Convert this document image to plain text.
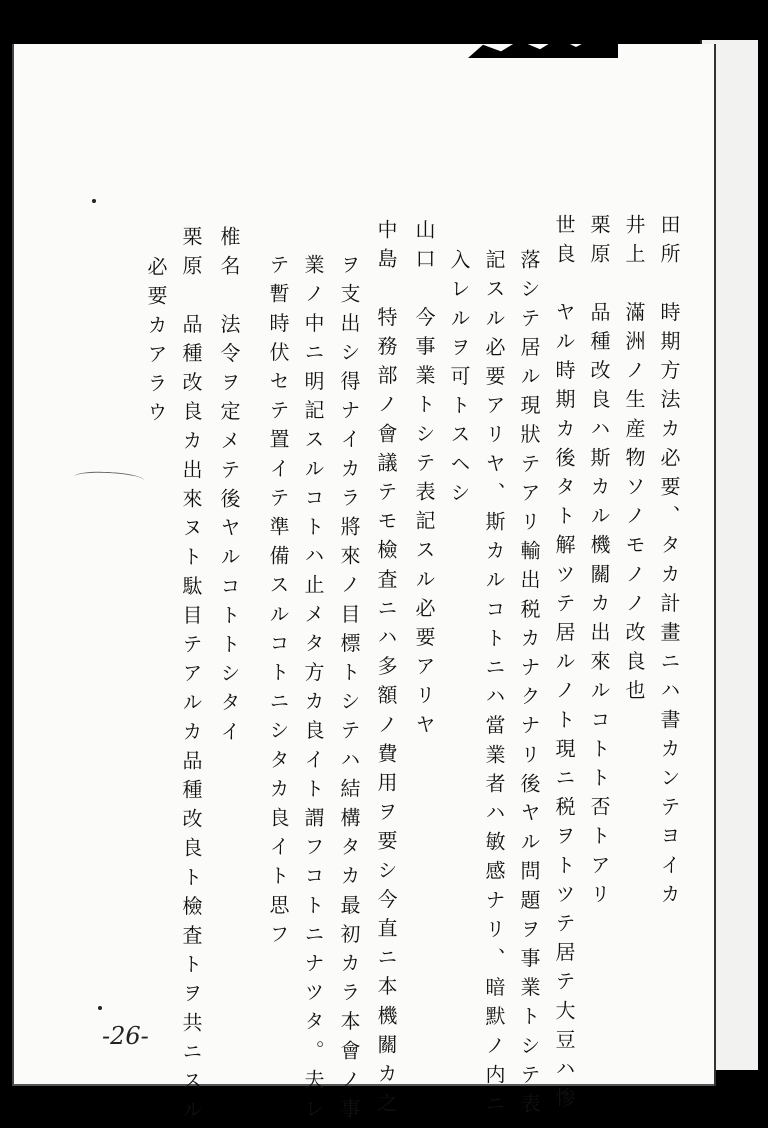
田所　時期方法カ必要、タカ計畫ニハ書カンテヨイカ
井上　滿洲ノ生産物ソノモノノ改良也
栗原　品種改良ハ斯カル機關カ出來ルコトト否トアリ
世良　ヤル時期カ後タト解ツテ居ルノト現ニ税ヲトツテ居テ大豆ハ惨
落シテ居ル現狀テアリ輸出税カナクナリ後ヤル問題ヲ事業トシテ表
記スル必要アリヤ、斯カルコトニハ當業者ハ敏感ナリ、暗默ノ内ニ
入レルヲ可トスヘシ
山口　今事業トシテ表記スル必要アリヤ
中島　特務部ノ會議テモ檢査ニハ多額ノ費用ヲ要シ今直ニ本機關カ之
ヲ支出シ得ナイカラ將來ノ目標トシテハ結構タカ最初カラ本會ノ事
業ノ中ニ明記スルコトハ止メタ方カ良イト謂フコトニナツタ。夫レ
テ暫時伏セテ置イテ準備スルコトニシタカ良イト思フ
椎名　法令ヲ定メテ後ヤルコトトシタイ
栗原　品種改良カ出來ヌト駄目テアルカ品種改良ト檢査トヲ共ニスル
必要カアラウ
-26-
